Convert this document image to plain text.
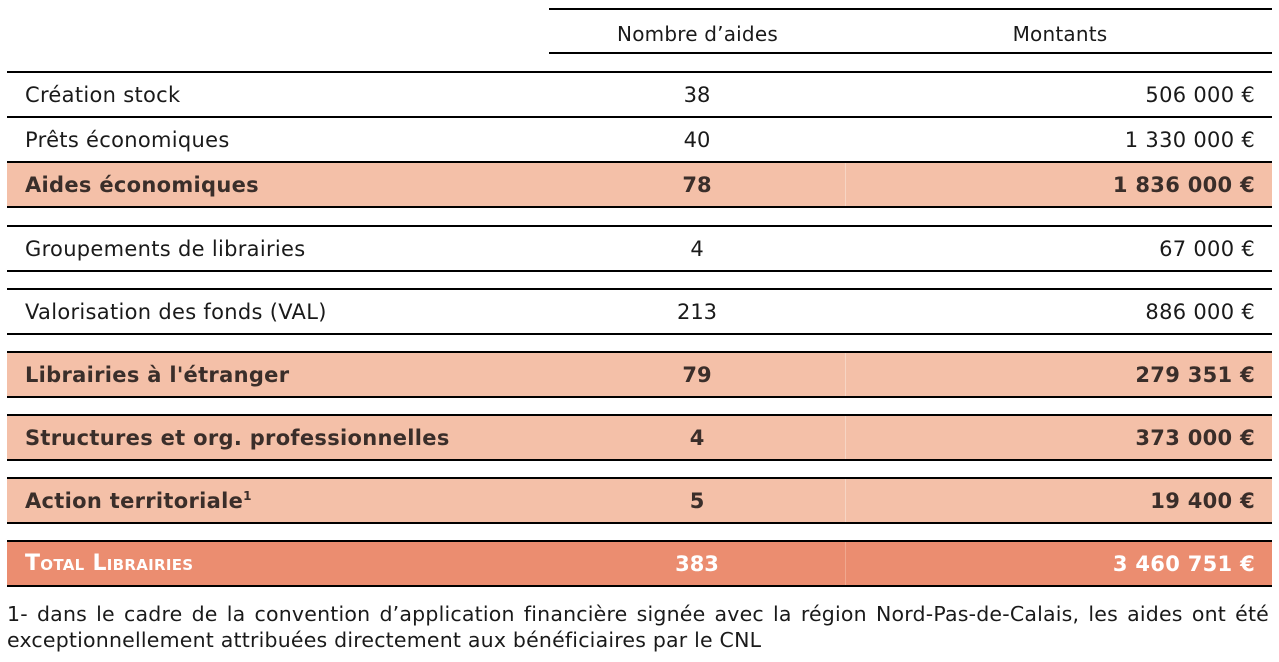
Nombre d’aides	Montants
Création stock	38	506 000 €
Prêts économiques	40	1 330 000 €
Aides économiques	78	1 836 000 €
Groupements de librairies	4	67 000 €
Valorisation des fonds (VAL)	213	886 000 €
Librairies à l'étranger	79	279 351 €
Structures et org. professionnelles	4	373 000 €
Action territoriale$^1$	5	19 400 €
Total Librairies	383	3 460 751 €
1- dans le cadre de la convention d’application financière signée avec la région Nord-Pas-de-Calais, les aides ont été exceptionnellement attribuées directement aux bénéficiaires par le CNL
